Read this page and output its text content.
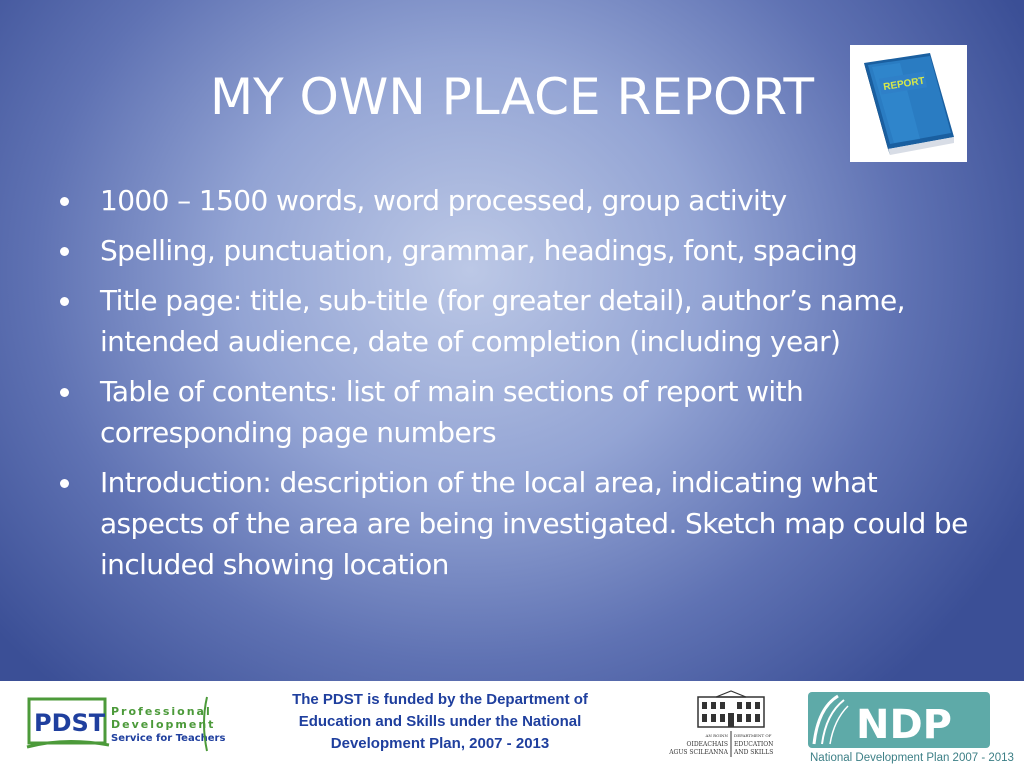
MY OWN PLACE REPORT	REPORT
1000 – 1500 words, word processed, group activity
Spelling, punctuation, grammar, headings, font, spacing
Title page: title, sub-title (for greater detail), author’s name, intended audience, date of completion (including year)
Table of contents: list of main sections of report with corresponding page numbers
Introduction: description of the local area, indicating what aspects of the area are being investigated. Sketch map could be included showing location
PDST Professional
Development
Service for Teachers
The PDST is funded by the Department of
Education and Skills under the National
Development Plan, 2007 - 2013	AN ROINN
OIDEACHAIS
AGUS SCILEANNA
DEPARTMENT OF
EDUCATION
AND SKILLS
NDP
National Development Plan 2007 - 2013
